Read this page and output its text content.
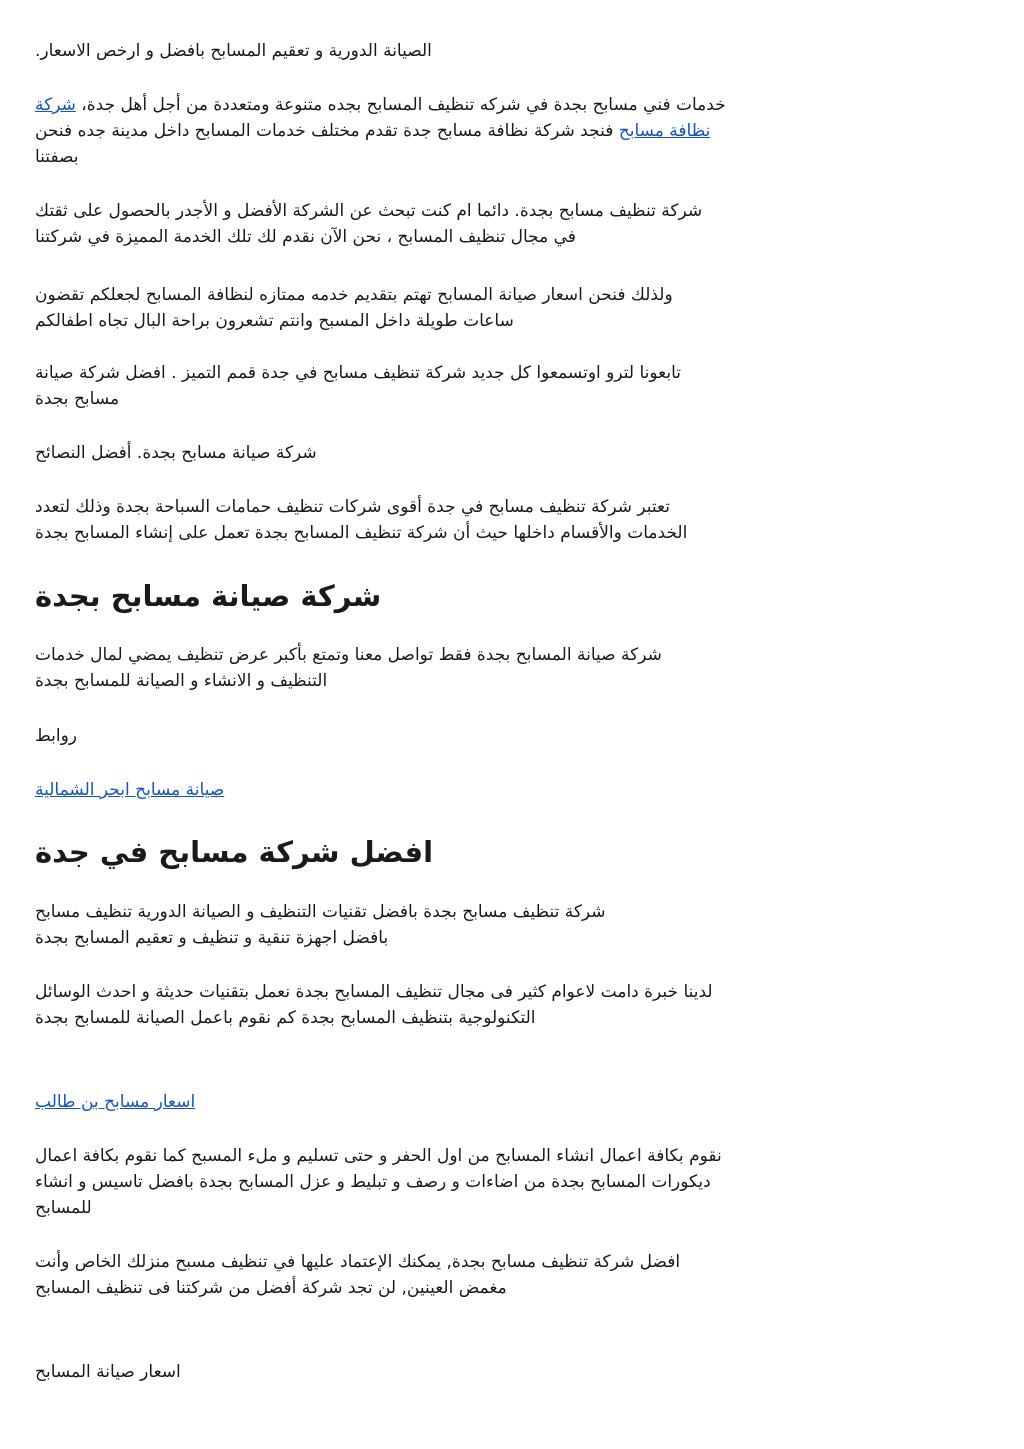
الصيانة الدورية و تعقيم المسابح بافضل و ارخص الاسعار.

خدمات فني مسابح بجدة في شركه تنظيف المسابح بجده متنوعة ومتعددة من أجل أهل جدة، شركة
نظافة مسابح فنجد شركة نظافة مسابح جدة تقدم مختلف خدمات المسابح داخل مدينة جده فنحن
بصفتنا

شركة تنظيف مسابح بجدة. دائما ام كنت تبحث عن الشركة الأفضل و الأجدر بالحصول على ثقتك
في مجال تنظيف المسابح ، نحن الآن نقدم لك تلك الخدمة المميزة في شركتنا

ولذلك فنحن اسعار صيانة المسابح تهتم بتقديم خدمه ممتازه لنظافة المسابح لجعلكم تقضون
ساعات طويلة داخل المسبح وانتم تشعرون براحة البال تجاه اطفالكم

تابعونا لترو اوتسمعوا كل جديد شركة تنظيف مسابح في جدة قمم التميز . افضل شركة صيانة
مسابح بجدة

شركة صيانة مسابح بجدة. أفضل النصائح

تعتبر شركة تنظيف مسابح في جدة أقوى شركات تنظيف حمامات السباحة بجدة وذلك لتعدد
الخدمات والأقسام داخلها حيث أن شركة تنظيف المسابح بجدة تعمل على إنشاء المسابح بجدة

شركة صيانة مسابح بجدة

شركة صيانة المسابح بجدة فقط تواصل معنا وتمتع بأكبر عرض تنظيف يمضي لمال خدمات
التنظيف و الانشاء و الصيانة للمسابح بجدة

روابط

صيانة مسابح ابحر الشمالية

افضل شركة مسابح في جدة

شركة تنظيف مسابح بجدة بافضل تقنيات التنظيف و الصيانة الدورية تنظيف مسابح
بافضل اجهزة تنقية و تنظيف و تعقيم المسابح بجدة

لدينا خبرة دامت لاعوام كثير فى مجال تنظيف المسابح بجدة نعمل بتقنيات حديثة و احدث الوسائل
التكنولوجية بتنظيف المسابح بجدة كم نقوم باعمل الصيانة للمسابح بجدة

اسعار مسابح بن طالب

نقوم بكافة اعمال انشاء المسابح من اول الحفر و حتى تسليم و ملء المسبح كما نقوم بكافة اعمال
ديكورات المسابح بجدة من اضاءات و رصف و تبليط و عزل المسابح بجدة بافضل تاسيس و انشاء
للمسابح

افضل شركة تنظيف مسابح بجدة, يمكنك الإعتماد عليها في تنظيف مسبح منزلك الخاص وأنت
مغمض العينين, لن تجد شركة أفضل من شركتنا فى تنظيف المسابح

اسعار صيانة المسابح
